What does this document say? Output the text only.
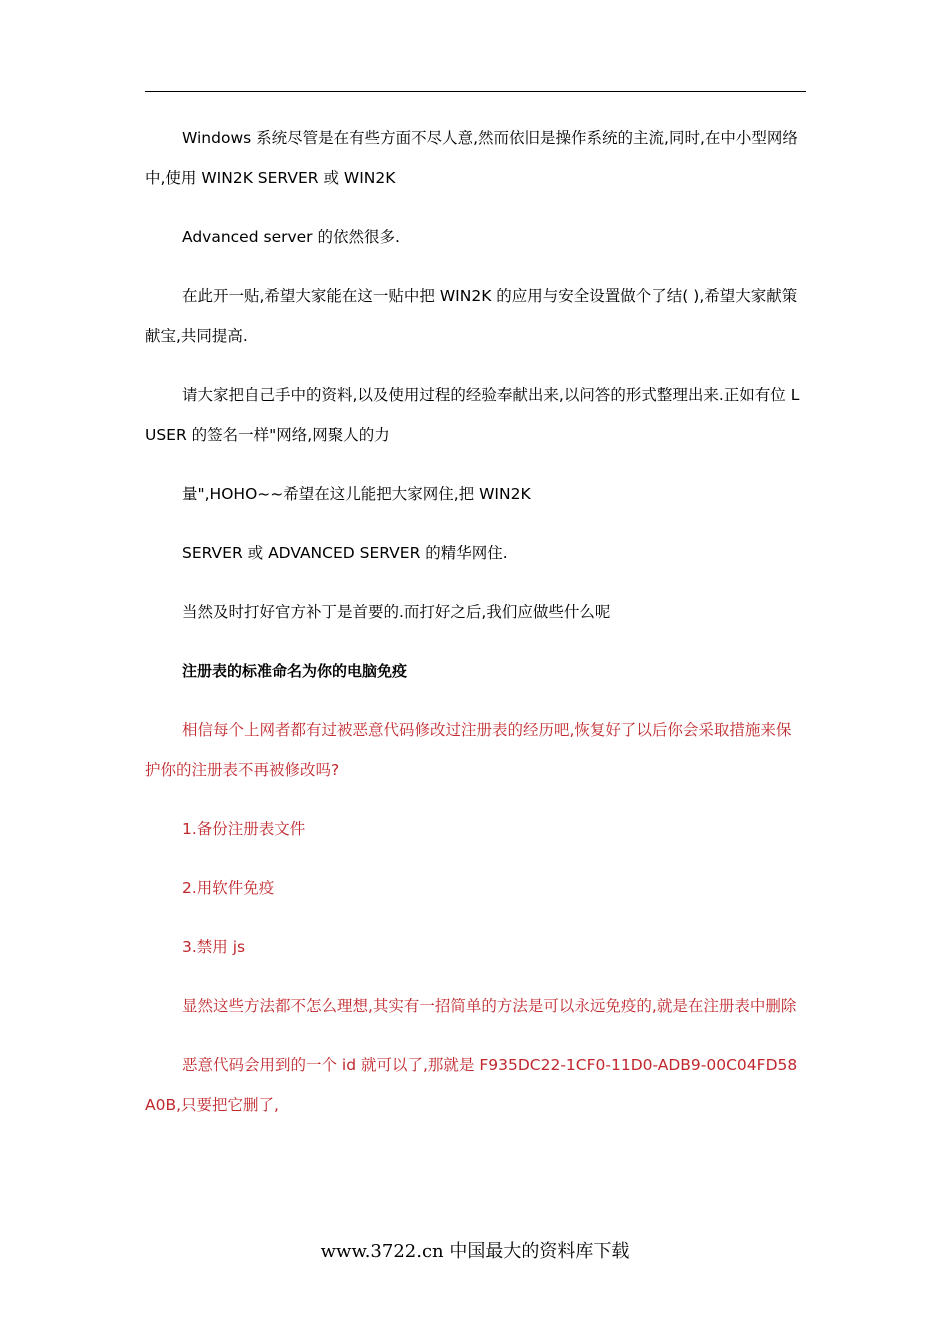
Windows 系统尽管是在有些方面不尽人意,然而依旧是操作系统的主流,同时,在中小型网络中,使用 WIN2K SERVER 或 WIN2K

Advanced server 的依然很多.

在此开一贴,希望大家能在这一贴中把 WIN2K 的应用与安全设置做个了结( ),希望大家献策献宝,共同提高.

请大家把自己手中的资料,以及使用过程的经验奉献出来,以问答的形式整理出来.正如有位 LUSER 的签名一样"网络,网聚人的力

量",HOHO~~希望在这儿能把大家网住,把 WIN2K

SERVER 或 ADVANCED SERVER 的精华网住.

当然及时打好官方补丁是首要的.而打好之后,我们应做些什么呢

注册表的标准命名为你的电脑免疫

相信每个上网者都有过被恶意代码修改过注册表的经历吧,恢复好了以后你会采取措施来保护你的注册表不再被修改吗?

1.备份注册表文件

2.用软件免疫

3.禁用 js

显然这些方法都不怎么理想,其实有一招简单的方法是可以永远免疫的,就是在注册表中删除

恶意代码会用到的一个 id 就可以了,那就是 F935DC22-1CF0-11D0-ADB9-00C04FD58A0B,只要把它删了,

www.3722.cn 中国最大的资料库下载
